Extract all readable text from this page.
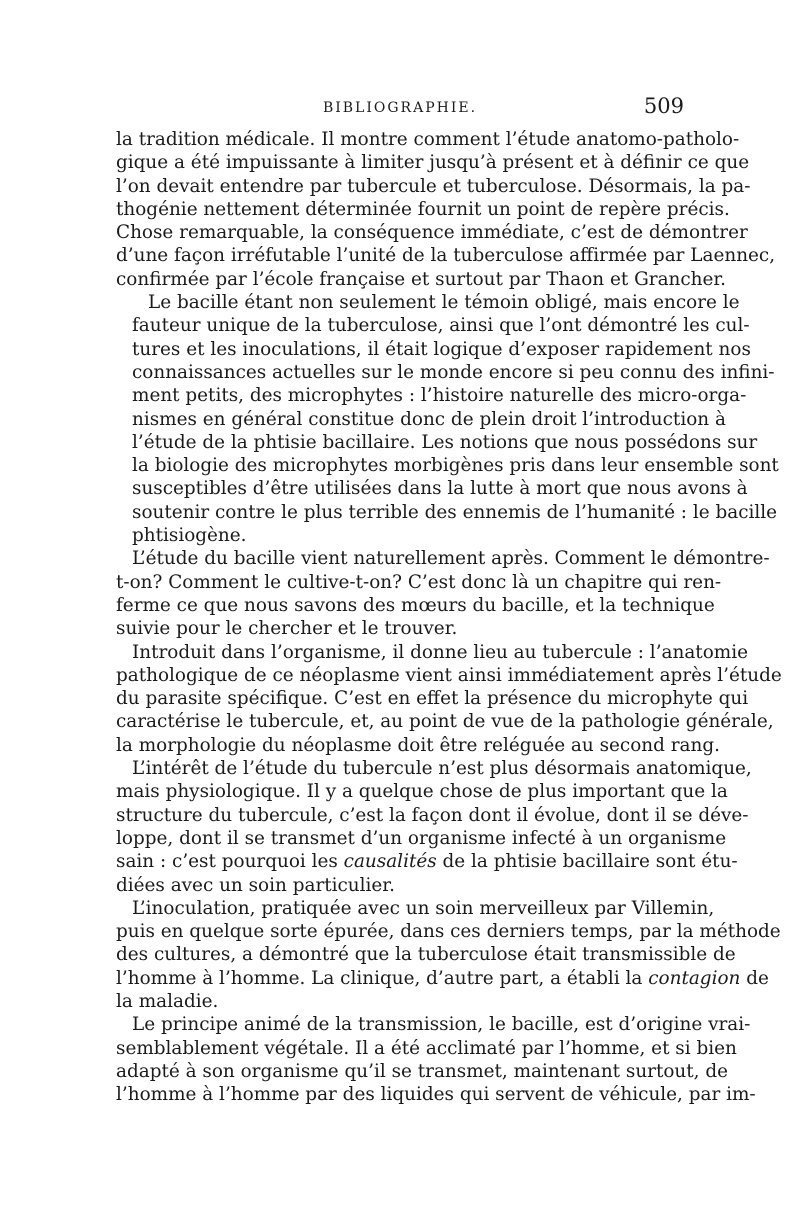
BIBLIOGRAPHIE.	509

la tradition médicale. Il montre comment l’étude anatomo-patholo-
gique a été impuissante à limiter jusqu’à présent et à définir ce que
l’on devait entendre par tubercule et tuberculose. Désormais, la pa-
thogénie nettement déterminée fournit un point de repère précis.
Chose remarquable, la conséquence immédiate, c’est de démontrer
d’une façon irréfutable l’unité de la tuberculose affirmée par Laennec,
confirmée par l’école française et surtout par Thaon et Grancher.

Le bacille étant non seulement le témoin obligé, mais encore le
fauteur unique de la tuberculose, ainsi que l’ont démontré les cul-
tures et les inoculations, il était logique d’exposer rapidement nos
connaissances actuelles sur le monde encore si peu connu des infini-
ment petits, des microphytes : l’histoire naturelle des micro-orga-
nismes en général constitue donc de plein droit l’introduction à
l’étude de la phtisie bacillaire. Les notions que nous possédons sur
la biologie des microphytes morbigènes pris dans leur ensemble sont
susceptibles d’être utilisées dans la lutte à mort que nous avons à
soutenir contre le plus terrible des ennemis de l’humanité : le bacille
phtisiogène.

L’étude du bacille vient naturellement après. Comment le démontre-
t-on? Comment le cultive-t-on? C’est donc là un chapitre qui ren-
ferme ce que nous savons des mœurs du bacille, et la technique
suivie pour le chercher et le trouver.

Introduit dans l’organisme, il donne lieu au tubercule : l’anatomie
pathologique de ce néoplasme vient ainsi immédiatement après l’étude
du parasite spécifique. C’est en effet la présence du microphyte qui
caractérise le tubercule, et, au point de vue de la pathologie générale,
la morphologie du néoplasme doit être reléguée au second rang.

L’intérêt de l’étude du tubercule n’est plus désormais anatomique,
mais physiologique. Il y a quelque chose de plus important que la
structure du tubercule, c’est la façon dont il évolue, dont il se déve-
loppe, dont il se transmet d’un organisme infecté à un organisme
sain : c’est pourquoi les causalités de la phtisie bacillaire sont étu-
diées avec un soin particulier.

L’inoculation, pratiquée avec un soin merveilleux par Villemin,
puis en quelque sorte épurée, dans ces derniers temps, par la méthode
des cultures, a démontré que la tuberculose était transmissible de
l’homme à l’homme. La clinique, d’autre part, a établi la contagion de
la maladie.

Le principe animé de la transmission, le bacille, est d’origine vrai-
semblablement végétale. Il a été acclimaté par l’homme, et si bien
adapté à son organisme qu’il se transmet, maintenant surtout, de
l’homme à l’homme par des liquides qui servent de véhicule, par im-
